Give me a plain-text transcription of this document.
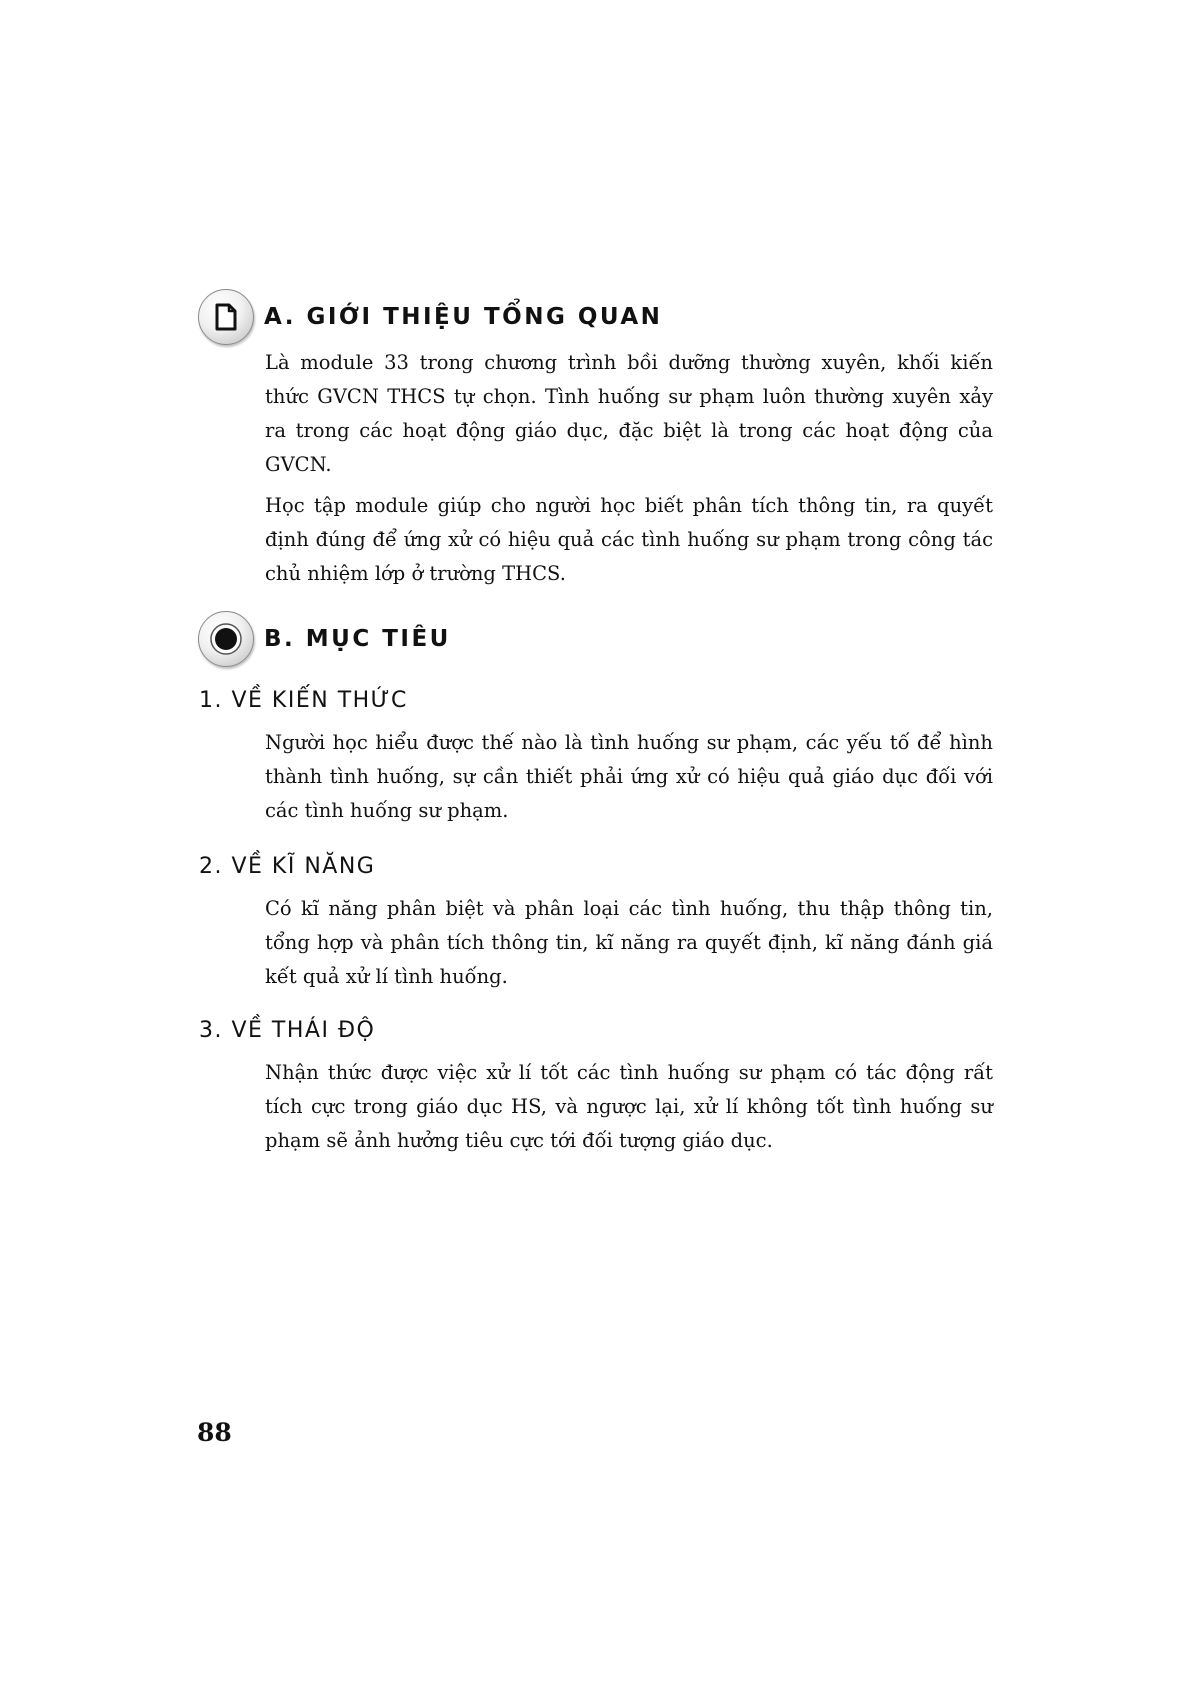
A. GIỚI THIỆU TỔNG QUAN

Là module 33 trong chương trình bồi dưỡng thường xuyên, khối kiến thức GVCN THCS tự chọn. Tình huống sư phạm luôn thường xuyên xảy ra trong các hoạt động giáo dục, đặc biệt là trong các hoạt động của GVCN.

Học tập module giúp cho người học biết phân tích thông tin, ra quyết định đúng để ứng xử có hiệu quả các tình huống sư phạm trong công tác chủ nhiệm lớp ở trường THCS.

B. MỤC TIÊU
1. VỀ KIẾN THỨC

Người học hiểu được thế nào là tình huống sư phạm, các yếu tố để hình thành tình huống, sự cần thiết phải ứng xử có hiệu quả giáo dục đối với các tình huống sư phạm.

2. VỀ KĨ NĂNG

Có kĩ năng phân biệt và phân loại các tình huống, thu thập thông tin, tổng hợp và phân tích thông tin, kĩ năng ra quyết định, kĩ năng đánh giá kết quả xử lí tình huống.

3. VỀ THÁI ĐỘ

Nhận thức được việc xử lí tốt các tình huống sư phạm có tác động rất tích cực trong giáo dục HS, và ngược lại, xử lí không tốt tình huống sư phạm sẽ ảnh hưởng tiêu cực tới đối tượng giáo dục.

88
